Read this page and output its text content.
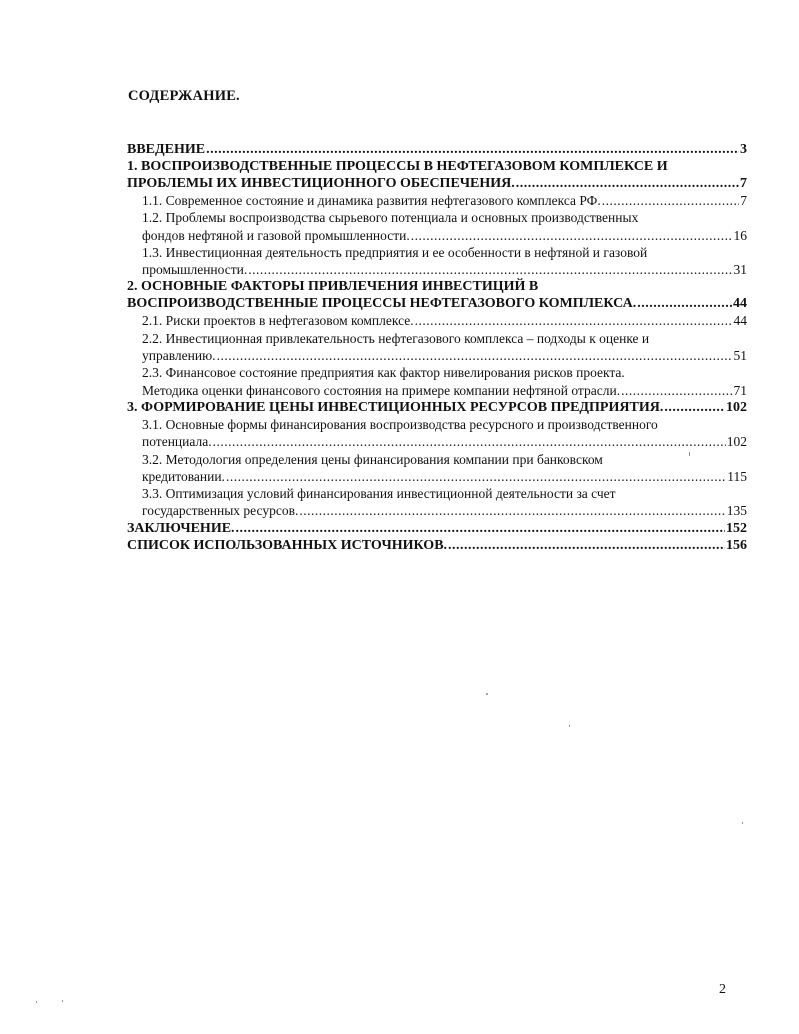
СОДЕРЖАНИЕ.
ВВЕДЕНИЕ .....	3
1. ВОСПРОИЗВОДСТВЕННЫЕ ПРОЦЕССЫ В НЕФТЕГАЗОВОМ КОМПЛЕКСЕ И
ПРОБЛЕМЫ ИХ ИНВЕСТИЦИОННОГО ОБЕСПЕЧЕНИЯ. .....	7
1.1. Современное состояние и динамика развития нефтегазового комплекса РФ. .....	7
1.2. Проблемы воспроизводства сырьевого потенциала и основных производственных
фондов нефтяной и газовой промышленности. .....	16
1.3. Инвестиционная деятельность предприятия и ее особенности в нефтяной и газовой
промышленности. .....	31
2. ОСНОВНЫЕ ФАКТОРЫ ПРИВЛЕЧЕНИЯ ИНВЕСТИЦИЙ В
ВОСПРОИЗВОДСТВЕННЫЕ ПРОЦЕССЫ НЕФТЕГАЗОВОГО КОМПЛЕКСА. .....	44
2.1. Риски проектов в нефтегазовом комплексе. .....	44
2.2. Инвестиционная привлекательность нефтегазового комплекса – подходы к оценке и
управлению. .....	51
2.3. Финансовое состояние предприятия как фактор нивелирования рисков проекта.
Методика оценки финансового состояния на примере компании нефтяной отрасли. .....	71
3. ФОРМИРОВАНИЕ ЦЕНЫ ИНВЕСТИЦИОННЫХ РЕСУРСОВ ПРЕДПРИЯТИЯ. .....	102
3.1. Основные формы финансирования воспроизводства ресурсного и производственного
потенциала. .....	102
3.2. Методология определения цены финансирования компании при банковском
кредитовании. .....	115
3.3. Оптимизация условий финансирования инвестиционной деятельности за счет
государственных ресурсов. .....	135
ЗАКЛЮЧЕНИЕ. .....	152
СПИСОК ИСПОЛЬЗОВАННЫХ ИСТОЧНИКОВ. .....	156
2
